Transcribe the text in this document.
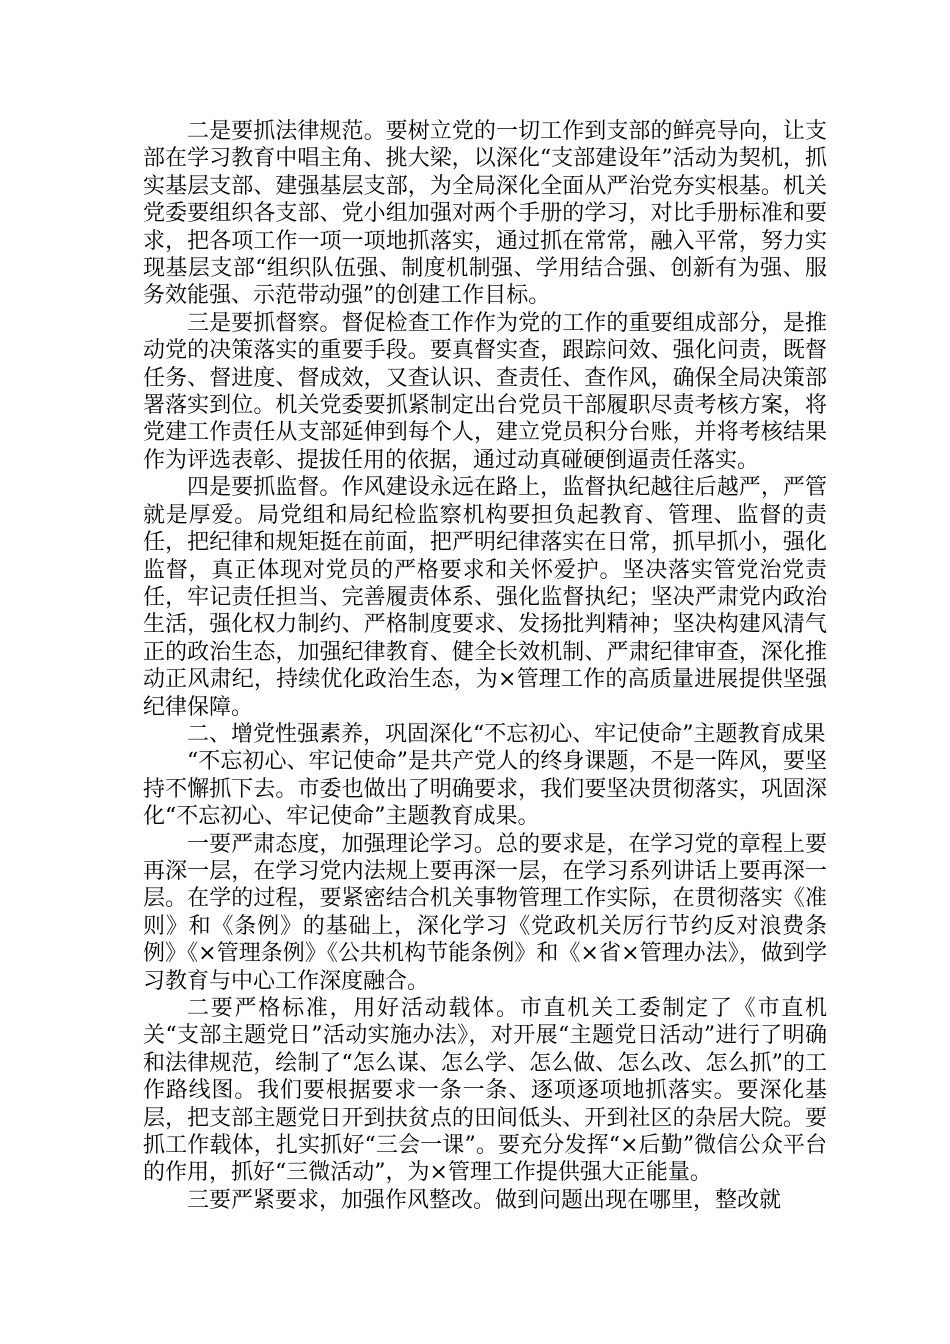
二是要抓法律规范。要树立党的一切工作到支部的鲜亮导向，让支部在学习教育中唱主角、挑大梁，以深化“支部建设年”活动为契机，抓实基层支部、建强基层支部，为全局深化全面从严治党夯实根基。机关党委要组织各支部、党小组加强对两个手册的学习，对比手册标准和要求，把各项工作一项一项地抓落实，通过抓在常常，融入平常，努力实现基层支部“组织队伍强、制度机制强、学用结合强、创新有为强、服务效能强、示范带动强”的创建工作目标。

三是要抓督察。督促检查工作作为党的工作的重要组成部分，是推动党的决策落实的重要手段。要真督实查，跟踪问效、强化问责，既督任务、督进度、督成效，又查认识、查责任、查作风，确保全局决策部署落实到位。机关党委要抓紧制定出台党员干部履职尽责考核方案，将党建工作责任从支部延伸到每个人，建立党员积分台账，并将考核结果作为评选表彰、提拔任用的依据，通过动真碰硬倒逼责任落实。

四是要抓监督。作风建设永远在路上，监督执纪越往后越严，严管就是厚爱。局党组和局纪检监察机构要担负起教育、管理、监督的责任，把纪律和规矩挺在前面，把严明纪律落实在日常，抓早抓小，强化监督，真正体现对党员的严格要求和关怀爱护。坚决落实管党治党责任，牢记责任担当、完善履责体系、强化监督执纪；坚决严肃党内政治生活，强化权力制约、严格制度要求、发扬批判精神；坚决构建风清气正的政治生态，加强纪律教育、健全长效机制、严肃纪律审查，深化推动正风肃纪，持续优化政治生态，为×管理工作的高质量进展提供坚强纪律保障。

二、增党性强素养，巩固深化“不忘初心、牢记使命”主题教育成果

“不忘初心、牢记使命”是共产党人的终身课题，不是一阵风，要坚持不懈抓下去。市委也做出了明确要求，我们要坚决贯彻落实，巩固深化“不忘初心、牢记使命”主题教育成果。

一要严肃态度，加强理论学习。总的要求是，在学习党的章程上要再深一层，在学习党内法规上要再深一层，在学习系列讲话上要再深一层。在学的过程，要紧密结合机关事物管理工作实际，在贯彻落实《准则》和《条例》的基础上，深化学习《党政机关厉行节约反对浪费条例》《×管理条例》《公共机构节能条例》和《×省×管理办法》，做到学习教育与中心工作深度融合。

二要严格标准，用好活动载体。市直机关工委制定了《市直机关“支部主题党日”活动实施办法》，对开展“主题党日活动”进行了明确和法律规范，绘制了“怎么谋、怎么学、怎么做、怎么改、怎么抓”的工作路线图。我们要根据要求一条一条、逐项逐项地抓落实。要深化基层，把支部主题党日开到扶贫点的田间低头、开到社区的杂居大院。要抓工作载体，扎实抓好“三会一课”。要充分发挥“×后勤”微信公众平台的作用，抓好“三微活动”，为×管理工作提供强大正能量。

三要严紧要求，加强作风整改。做到问题出现在哪里，整改就
